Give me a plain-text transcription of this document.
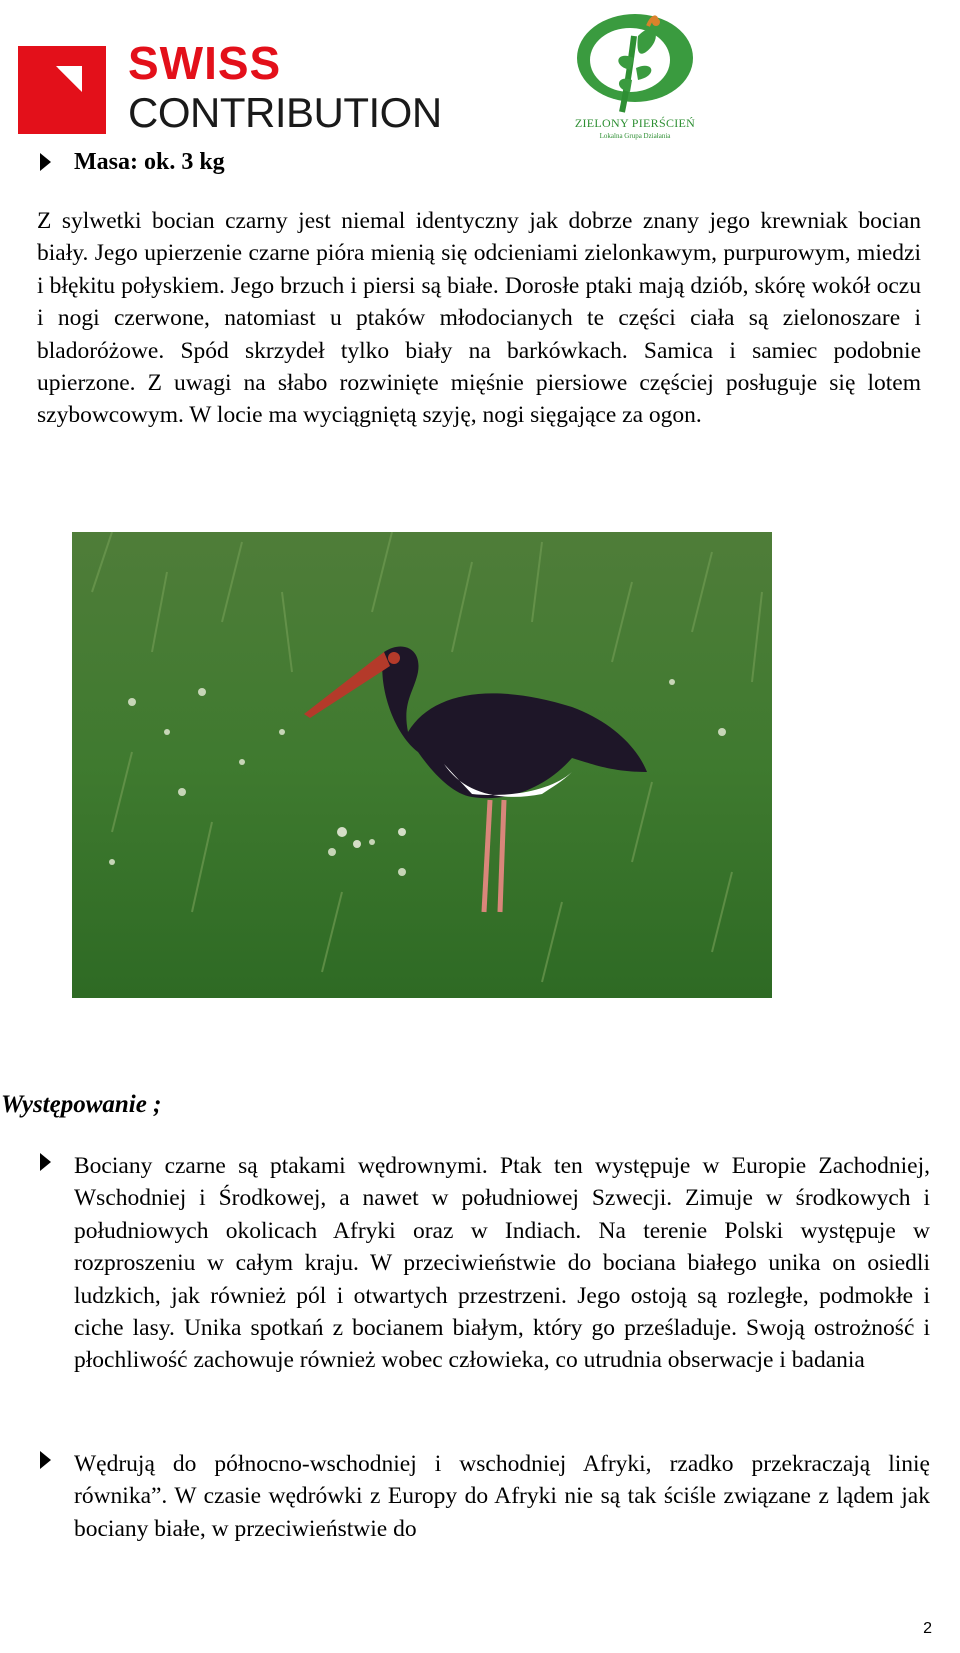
SWISS
CONTRIBUTION	ZIELONY PIERŚCIEŃ
Lokalna Grupa Działania
Masa: ok. 3 kg
Z sylwetki bocian czarny jest niemal identyczny jak dobrze znany jego krewniak bocian biały. Jego upierzenie czarne pióra mienią się odcieniami zielonkawym, purpurowym, miedzi i błękitu połyskiem. Jego brzuch i piersi są białe. Dorosłe ptaki mają dziób, skórę wokół oczu i nogi czerwone, natomiast u ptaków młodocianych te części ciała są zielonoszare i bladoróżowe. Spód skrzydeł tylko biały na barkówkach. Samica i samiec podobnie upierzone. Z uwagi na słabo rozwinięte mięśnie piersiowe częściej posługuje się lotem szybowcowym. W locie ma wyciągniętą szyję, nogi sięgające za ogon.
Występowanie ;
Bociany czarne są ptakami wędrownymi. Ptak ten występuje w Europie Zachodniej, Wschodniej i Środkowej, a nawet w południowej Szwecji. Zimuje w środkowych i południowych okolicach Afryki oraz w Indiach. Na terenie Polski występuje w rozproszeniu w całym kraju. W przeciwieństwie do bociana białego unika on osiedli ludzkich, jak również pól i otwartych przestrzeni. Jego ostoją są rozległe, podmokłe i ciche lasy. Unika spotkań z bocianem białym, który go prześladuje. Swoją ostrożność i płochliwość zachowuje również wobec człowieka, co utrudnia obserwacje i badania
Wędrują do północno-wschodniej i wschodniej Afryki, rzadko przekraczają linię równika”. W czasie wędrówki z Europy do Afryki nie są tak ściśle związane z lądem jak bociany białe, w przeciwieństwie do
2
